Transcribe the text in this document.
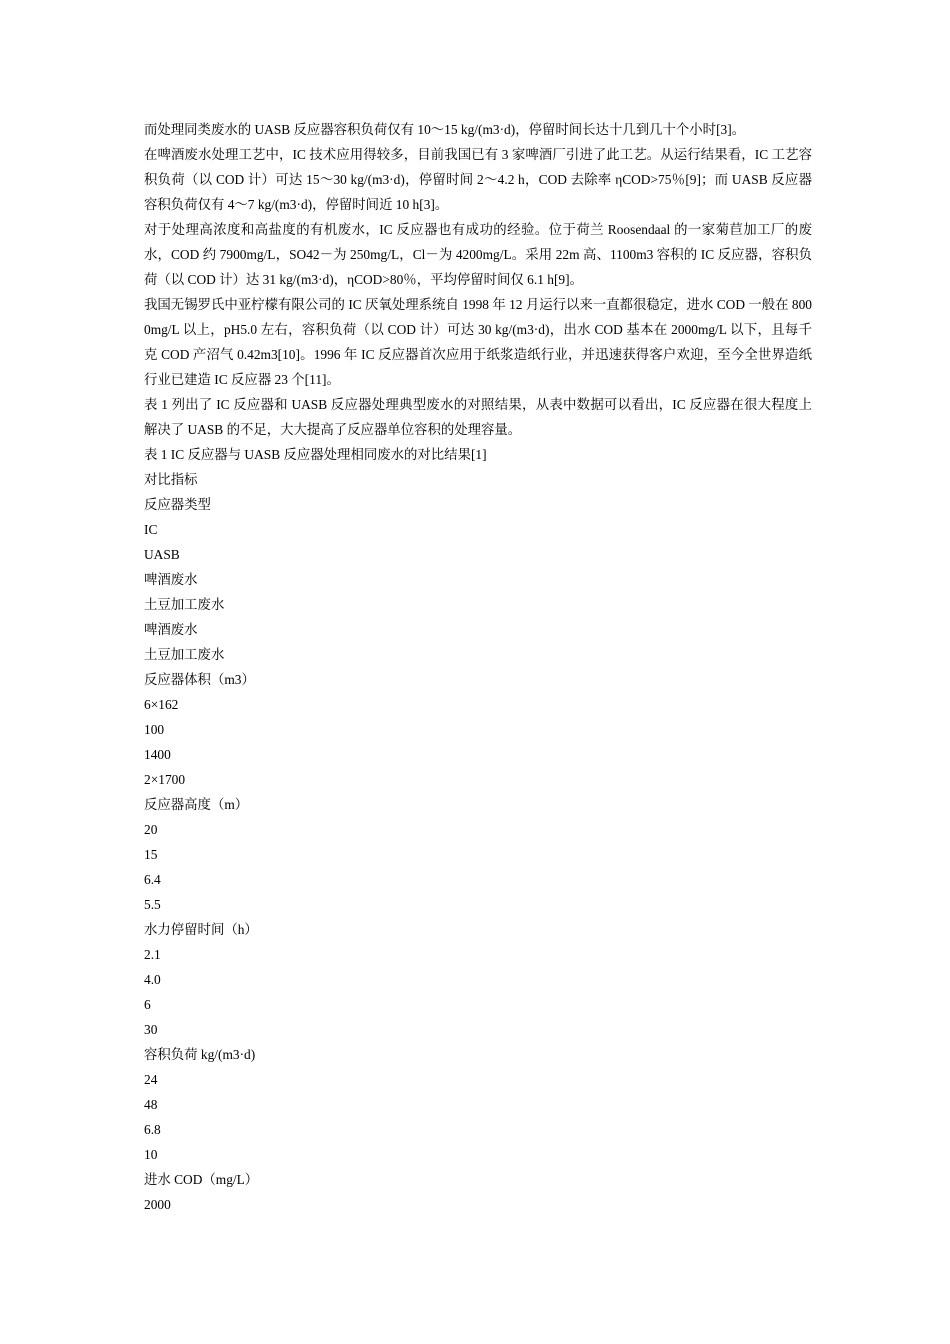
而处理同类废水的 UASB 反应器容积负荷仅有 10～15 kg/(m3·d)，停留时间长达十几到几十个小时[3]。

在啤酒废水处理工艺中，IC 技术应用得较多，目前我国已有 3 家啤酒厂引进了此工艺。从运行结果看，IC 工艺容积负荷（以 COD 计）可达 15～30 kg/(m3·d)，停留时间 2～4.2 h，COD 去除率 ηCOD>75％[9]；而 UASB 反应器容积负荷仅有 4～7 kg/(m3·d)，停留时间近 10 h[3]。

对于处理高浓度和高盐度的有机废水，IC 反应器也有成功的经验。位于荷兰 Roosendaal 的一家菊苣加工厂的废水，COD 约 7900mg/L，SO42－为 250mg/L，Cl－为 4200mg/L。采用 22m 高、1100m3 容积的 IC 反应器，容积负荷（以 COD 计）达 31 kg/(m3·d)，ηCOD>80％，平均停留时间仅 6.1 h[9]。

我国无锡罗氏中亚柠檬有限公司的 IC 厌氧处理系统自 1998 年 12 月运行以来一直都很稳定，进水 COD 一般在 8000mg/L 以上，pH5.0 左右，容积负荷（以 COD 计）可达 30 kg/(m3·d)，出水 COD 基本在 2000mg/L 以下，且每千克 COD 产沼气 0.42m3[10]。1996 年 IC 反应器首次应用于纸浆造纸行业，并迅速获得客户欢迎，至今全世界造纸行业已建造 IC 反应器 23 个[11]。

表 1 列出了 IC 反应器和 UASB 反应器处理典型废水的对照结果，从表中数据可以看出，IC 反应器在很大程度上解决了 UASB 的不足，大大提高了反应器单位容积的处理容量。

表 1 IC 反应器与 UASB 反应器处理相同废水的对比结果[1]

对比指标

反应器类型

IC

UASB

啤酒废水

土豆加工废水

啤酒废水

土豆加工废水

反应器体积（m3）

6×162

100

1400

2×1700

反应器高度（m）

20

15

6.4

5.5

水力停留时间（h）

2.1

4.0

6

30

容积负荷 kg/(m3·d)

24

48

6.8

10

进水 COD（mg/L）

2000
